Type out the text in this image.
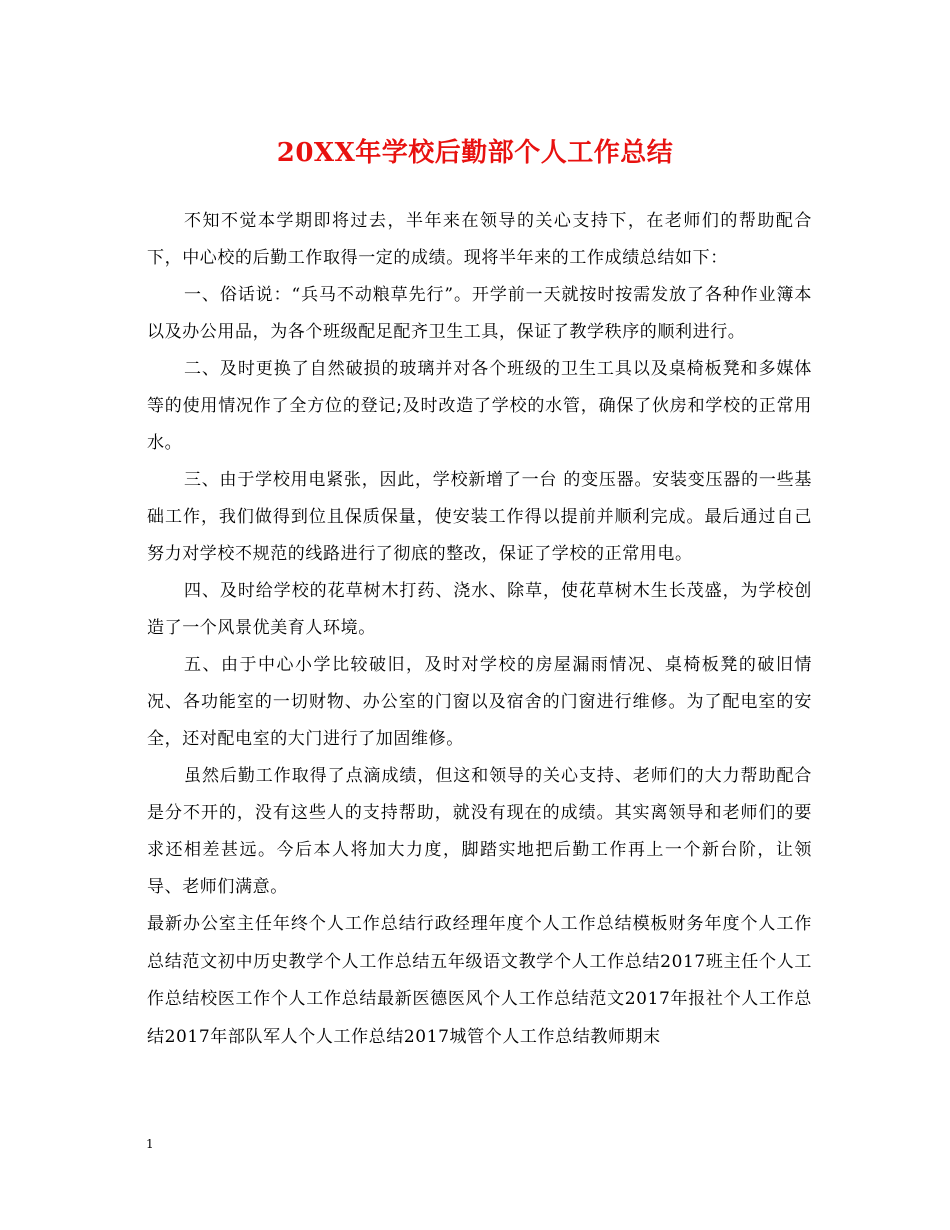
20XX年学校后勤部个人工作总结

不知不觉本学期即将过去，半年来在领导的关心支持下，在老师们的帮助配合下，中心校的后勤工作取得一定的成绩。现将半年来的工作成绩总结如下：

一、俗话说：“兵马不动粮草先行”。开学前一天就按时按需发放了各种作业簿本以及办公用品，为各个班级配足配齐卫生工具，保证了教学秩序的顺利进行。

二、及时更换了自然破损的玻璃并对各个班级的卫生工具以及桌椅板凳和多媒体等的使用情况作了全方位的登记;及时改造了学校的水管，确保了伙房和学校的正常用水。

三、由于学校用电紧张，因此，学校新增了一台 的变压器。安装变压器的一些基础工作，我们做得到位且保质保量，使安装工作得以提前并顺利完成。最后通过自己努力对学校不规范的线路进行了彻底的整改，保证了学校的正常用电。

四、及时给学校的花草树木打药、浇水、除草，使花草树木生长茂盛，为学校创造了一个风景优美育人环境。

五、由于中心小学比较破旧，及时对学校的房屋漏雨情况、桌椅板凳的破旧情况、各功能室的一切财物、办公室的门窗以及宿舍的门窗进行维修。为了配电室的安全，还对配电室的大门进行了加固维修。

虽然后勤工作取得了点滴成绩，但这和领导的关心支持、老师们的大力帮助配合是分不开的，没有这些人的支持帮助，就没有现在的成绩。其实离领导和老师们的要求还相差甚远。今后本人将加大力度，脚踏实地把后勤工作再上一个新台阶，让领导、老师们满意。

最新办公室主任年终个人工作总结行政经理年度个人工作总结模板财务年度个人工作总结范文初中历史教学个人工作总结五年级语文教学个人工作总结2017班主任个人工作总结校医工作个人工作总结最新医德医风个人工作总结范文2017年报社个人工作总结2017年部队军人个人工作总结2017城管个人工作总结教师期末

1
